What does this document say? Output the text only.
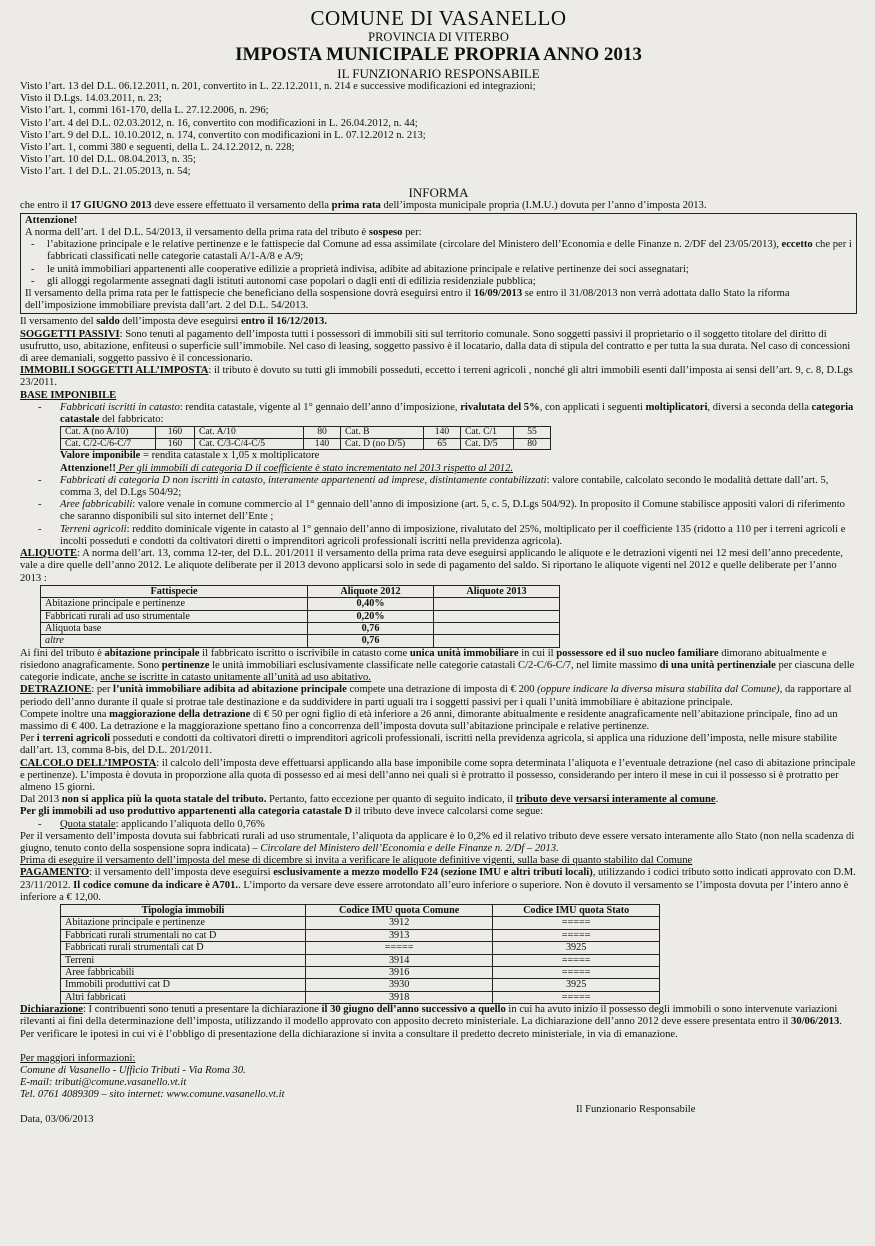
COMUNE DI VASANELLO
PROVINCIA DI VITERBO
IMPOSTA MUNICIPALE PROPRIA ANNO 2013
IL FUNZIONARIO RESPONSABILE

Visto l’art. 13 del D.L. 06.12.2011, n. 201, convertito in L. 22.12.2011, n. 214 e successive modificazioni ed integrazioni;

Visto il D.Lgs. 14.03.2011, n. 23;

Visto l’art. 1, commi 161-170, della L. 27.12.2006, n. 296;

Visto l’art. 4 del D.L. 02.03.2012, n. 16, convertito con modificazioni in L. 26.04.2012, n. 44;

Visto l’art. 9 del D.L. 10.10.2012, n. 174, convertito con modificazioni in L. 07.12.2012 n. 213;

Visto l’art. 1, commi 380 e seguenti, della L. 24.12.2012, n. 228;

Visto l’art. 10 del D.L. 08.04.2013, n. 35;

Visto l’art. 1 del D.L. 21.05.2013, n. 54;

INFORMA

che entro il 17 GIUGNO 2013 deve essere effettuato il versamento della prima rata dell’imposta municipale propria (I.M.U.) dovuta per l’anno d’imposta 2013.

Attenzione!

A norma dell’art. 1 del D.L. 54/2013, il versamento della prima rata del tributo è sospeso per:

- l’abitazione principale e le relative pertinenze e le fattispecie dal Comune ad essa assimilate (circolare del Ministero dell’Economia e delle Finanze n. 2/DF del 23/05/2013), eccetto che per i fabbricati classificati nelle categorie catastali A/1-A/8 e A/9;

- le unità immobiliari appartenenti alle cooperative edilizie a proprietà indivisa, adibite ad abitazione principale e relative pertinenze dei soci assegnatari;

- gli alloggi regolarmente assegnati dagli istituti autonomi case popolari o dagli enti di edilizia residenziale pubblica;

Il versamento della prima rata per le fattispecie che beneficiano della sospensione dovrà eseguirsi entro il 16/09/2013 se entro il 31/08/2013 non verrà adottata dallo Stato la riforma dell’imposizione immobiliare prevista dall’art. 2 del D.L. 54/2013.

Il versamento del saldo dell’imposta deve eseguirsi entro il 16/12/2013.

SOGGETTI PASSIVI: Sono tenuti al pagamento dell’imposta tutti i possessori di immobili siti sul territorio comunale. Sono soggetti passivi il proprietario o il soggetto titolare del diritto di usufrutto, uso, abitazione, enfiteusi o superficie sull’immobile. Nel caso di leasing, soggetto passivo è il locatario, dalla data di stipula del contratto e per tutta la sua durata. Nel caso di concessioni di aree demaniali, soggetto passivo è il concessionario.

IMMOBILI SOGGETTI ALL’IMPOSTA: il tributo è dovuto su tutti gli immobili posseduti, eccetto i terreni agricoli , nonché gli altri immobili esenti dall’imposta ai sensi dell’art. 9, c. 8, D.Lgs 23/2011.

BASE IMPONIBILE

- Fabbricati iscritti in catasto: rendita catastale, vigente al 1° gennaio dell’anno d’imposizione, rivalutata del 5%, con applicati i seguenti moltiplicatori, diversi a seconda della categoria catastale del fabbricato:

Cat. A (no A/10)	160	Cat. A/10	80	Cat. B	140	Cat. C/1	55
Cat. C/2-C/6-C/7	160	Cat. C/3-C/4-C/5	140	Cat. D (no D/5)	65	Cat. D/5	80

Valore imponibile = rendita catastale x 1,05 x moltiplicatore

Attenzione!! Per gli immobili di categoria D il coefficiente è stato incrementato nel 2013 rispetto al 2012.

- Fabbricati di categoria D non iscritti in catasto, interamente appartenenti ad imprese, distintamente contabilizzati: valore contabile, calcolato secondo le modalità dettate dall’art. 5, comma 3, del D.Lgs 504/92;

- Aree fabbricabili: valore venale in comune commercio al 1° gennaio dell’anno di imposizione (art. 5, c. 5, D.Lgs 504/92). In proposito il Comune stabilisce appositi valori di riferimento che saranno disponibili sul sito internet dell’Ente ;

- Terreni agricoli: reddito dominicale vigente in catasto al 1° gennaio dell’anno di imposizione, rivalutato del 25%, moltiplicato per il coefficiente 135 (ridotto a 110 per i terreni agricoli e incolti posseduti e condotti da coltivatori diretti o imprenditori agricoli professionali iscritti nella previdenza agricola).

ALIQUOTE: A norma dell’art. 13, comma 12-ter, del D.L. 201/2011 il versamento della prima rata deve eseguirsi applicando le aliquote e le detrazioni vigenti nei 12 mesi dell’anno precedente, vale a dire quelle dell’anno 2012. Le aliquote deliberate per il 2013 devono applicarsi solo in sede di pagamento del saldo. Si riportano le aliquote vigenti nel 2012 e quelle deliberate per l’anno 2013 :

Fattispecie	Aliquote 2012	Aliquote 2013
Abitazione principale e pertinenze	0,40%	
Fabbricati rurali ad uso strumentale	0,20%	
Aliquota base	0,76	
altre	0,76	

Ai fini del tributo è abitazione principale il fabbricato iscritto o iscrivibile in catasto come unica unità immobiliare in cui il possessore ed il suo nucleo familiare dimorano abitualmente e risiedono anagraficamente. Sono pertinenze le unità immobiliari esclusivamente classificate nelle categorie catastali C/2-C/6-C/7, nel limite massimo di una unità pertinenziale per ciascuna delle categorie indicate, anche se iscritte in catasto unitamente all’unità ad uso abitativo.

DETRAZIONE: per l’unità immobiliare adibita ad abitazione principale compete una detrazione di imposta di € 200 (oppure indicare la diversa misura stabilita dal Comune), da rapportare al periodo dell’anno durante il quale si protrae tale destinazione e da suddividere in parti uguali tra i soggetti passivi per i quali l’unità immobiliare è abitazione principale.

Compete inoltre una maggiorazione della detrazione di € 50 per ogni figlio di età inferiore a 26 anni, dimorante abitualmente e residente anagraficamente nell’abitazione principale, fino ad un massimo di € 400. La detrazione e la maggiorazione spettano fino a concorrenza dell’imposta dovuta sull’abitazione principale e relative pertinenze.

Per i terreni agricoli posseduti e condotti da coltivatori diretti o imprenditori agricoli professionali, iscritti nella previdenza agricola, si applica una riduzione dell’imposta, nelle misure stabilite dall’art. 13, comma 8-bis, del D.L. 201/2011.

CALCOLO DELL’IMPOSTA: il calcolo dell’imposta deve effettuarsi applicando alla base imponibile come sopra determinata l’aliquota e l’eventuale detrazione (nel caso di abitazione principale e pertinenze). L’imposta è dovuta in proporzione alla quota di possesso ed ai mesi dell’anno nei quali si è protratto il possesso, considerando per intero il mese in cui il possesso si è protratto per almeno 15 giorni.

Dal 2013 non si applica più la quota statale del tributo. Pertanto, fatto eccezione per quanto di seguito indicato, il tributo deve versarsi interamente al comune.

Per gli immobili ad uso produttivo appartenenti alla categoria catastale D il tributo deve invece calcolarsi come segue:

- Quota statale: applicando l’aliquota dello 0,76%

Per il versamento dell’imposta dovuta sui fabbricati rurali ad uso strumentale, l’aliquota da applicare è lo 0,2% ed il relativo tributo deve essere versato interamente allo Stato (non nella scadenza di giugno, tenuto conto della sospensione sopra indicata) – Circolare del Ministero dell’Economia e delle Finanze n. 2/Df – 2013.

Prima di eseguire il versamento dell’imposta del mese di dicembre si invita a verificare le aliquote definitive vigenti, sulla base di quanto stabilito dal Comune

PAGAMENTO: il versamento dell’imposta deve eseguirsi esclusivamente a mezzo modello F24 (sezione IMU e altri tributi locali), utilizzando i codici tributo sotto indicati approvato con D.M. 23/11/2012. Il codice comune da indicare è A701.. L’importo da versare deve essere arrotondato all’euro inferiore o superiore. Non è dovuto il versamento se l’imposta dovuta per l’intero anno è inferiore a € 12,00.

Tipologia immobili	Codice IMU quota Comune	Codice IMU quota Stato
Abitazione principale e pertinenze	3912	=====
Fabbricati rurali strumentali no cat D	3913	=====
Fabbricati rurali strumentali cat D	=====	3925
Terreni	3914	=====
Aree fabbricabili	3916	=====
Immobili produttivi cat D	3930	3925
Altri fabbricati	3918	=====

Dichiarazione: I contribuenti sono tenuti a presentare la dichiarazione il 30 giugno dell’anno successivo a quello in cui ha avuto inizio il possesso degli immobili o sono intervenute variazioni rilevanti ai fini della determinazione dell’imposta, utilizzando il modello approvato con apposito decreto ministeriale. La dichiarazione dell’anno 2012 deve essere presentata entro il 30/06/2013. Per verificare le ipotesi in cui vi è l’obbligo di presentazione della dichiarazione si invita a consultare il predetto decreto ministeriale, in via di emanazione.

Per maggiori informazioni:

Comune di Vasanello - Ufficio Tributi - Via Roma 30.

E-mail: tributi@comune.vasanello.vt.it

Tel. 0761 4089309 – sito internet: www.comune.vasanello.vt.it

Data, 03/06/2013

Il Funzionario Responsabile
